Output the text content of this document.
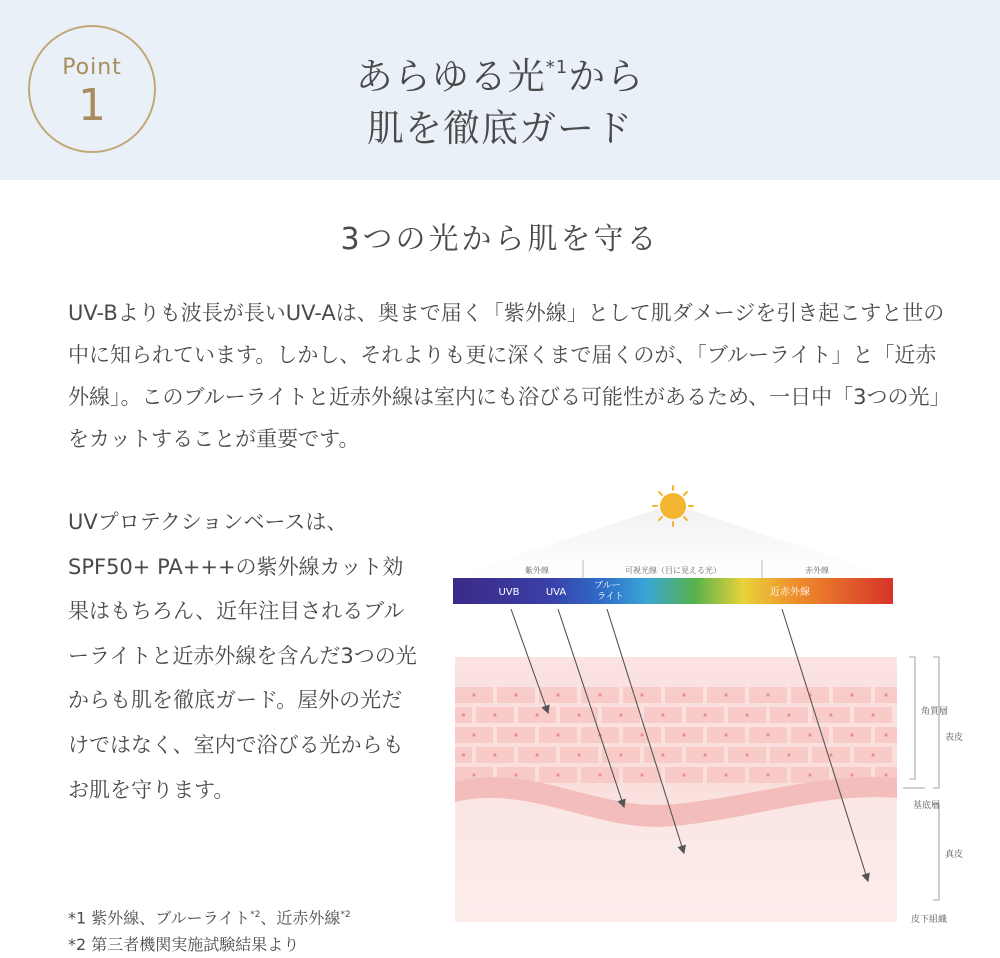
Point
1
あらゆる光$^{*1}$から
肌を徹底ガード
3つの光から肌を守る

UV-Bよりも波長が長いUV-Aは、奥まで届く「紫外線」として肌ダメージを引き起こすと世の中に知られています。しかし、それよりも更に深くまで届くのが、「ブルーライト」と「近赤外線」。このブルーライトと近赤外線は室内にも浴びる可能性があるため、一日中「3つの光」をカットすることが重要です。

UVプロテクションベースは、SPF50+ PA+++の紫外線カット効果はもちろん、近年注目されるブルーライトと近赤外線を含んだ3つの光からも肌を徹底ガード。屋外の光だけではなく、室内で浴びる光からもお肌を守ります。

*1 紫外線、ブルーライト$^{*2}$、近赤外線$^{*2}$
*2 第三者機関実施試験結果より
紫外線	可視光線（目に見える光）	赤外線
UVB	UVA
ブルー
ライト	近赤外線
角質層
表皮
基底層
真皮
皮下組織
